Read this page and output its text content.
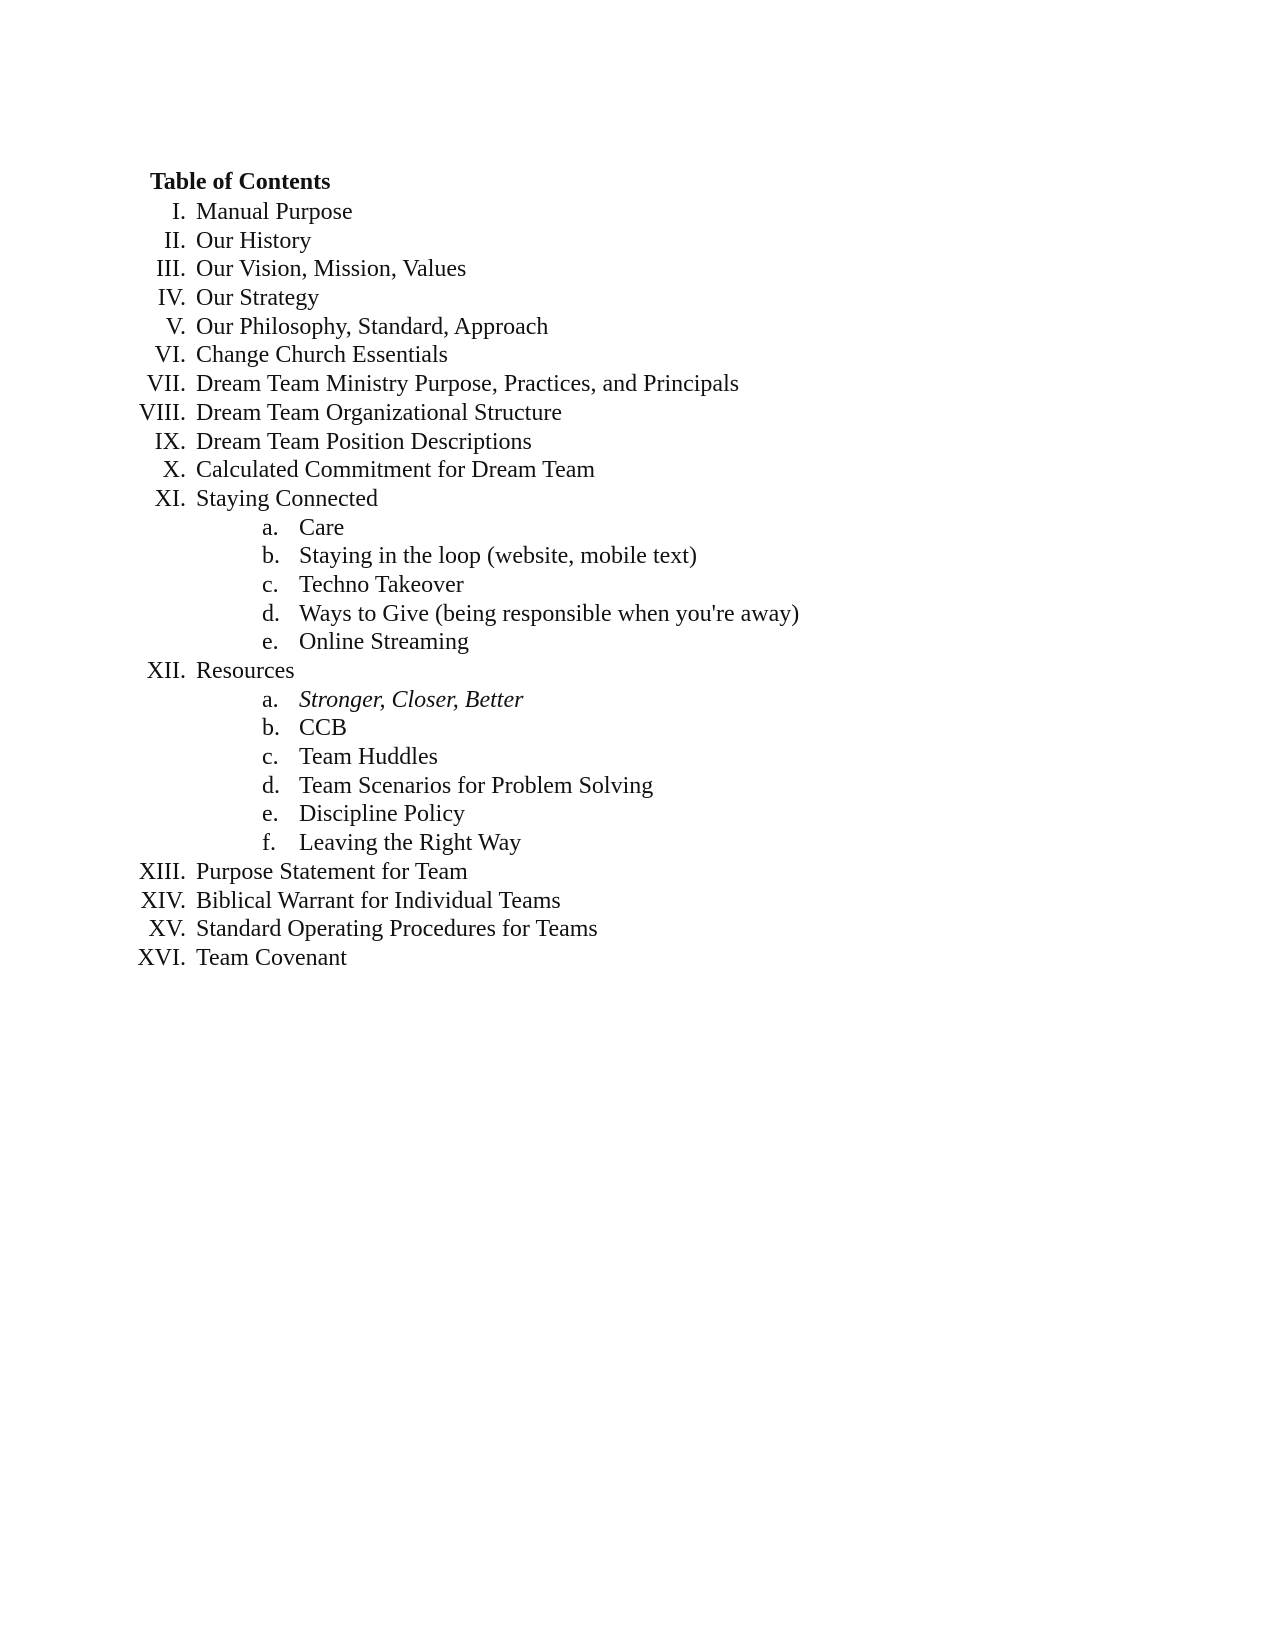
Table of Contents
I. Manual Purpose
II. Our History
III. Our Vision, Mission, Values
IV. Our Strategy
V. Our Philosophy, Standard, Approach
VI. Change Church Essentials
VII. Dream Team Ministry Purpose, Practices, and Principals
VIII. Dream Team Organizational Structure
IX. Dream Team Position Descriptions
X. Calculated Commitment for Dream Team
XI. Staying Connected
a. Care
b. Staying in the loop (website, mobile text)
c. Techno Takeover
d. Ways to Give (being responsible when you're away)
e. Online Streaming
XII. Resources
a. Stronger, Closer, Better
b. CCB
c. Team Huddles
d. Team Scenarios for Problem Solving
e. Discipline Policy
f. Leaving the Right Way
XIII. Purpose Statement for Team
XIV. Biblical Warrant for Individual Teams
XV. Standard Operating Procedures for Teams
XVI. Team Covenant
